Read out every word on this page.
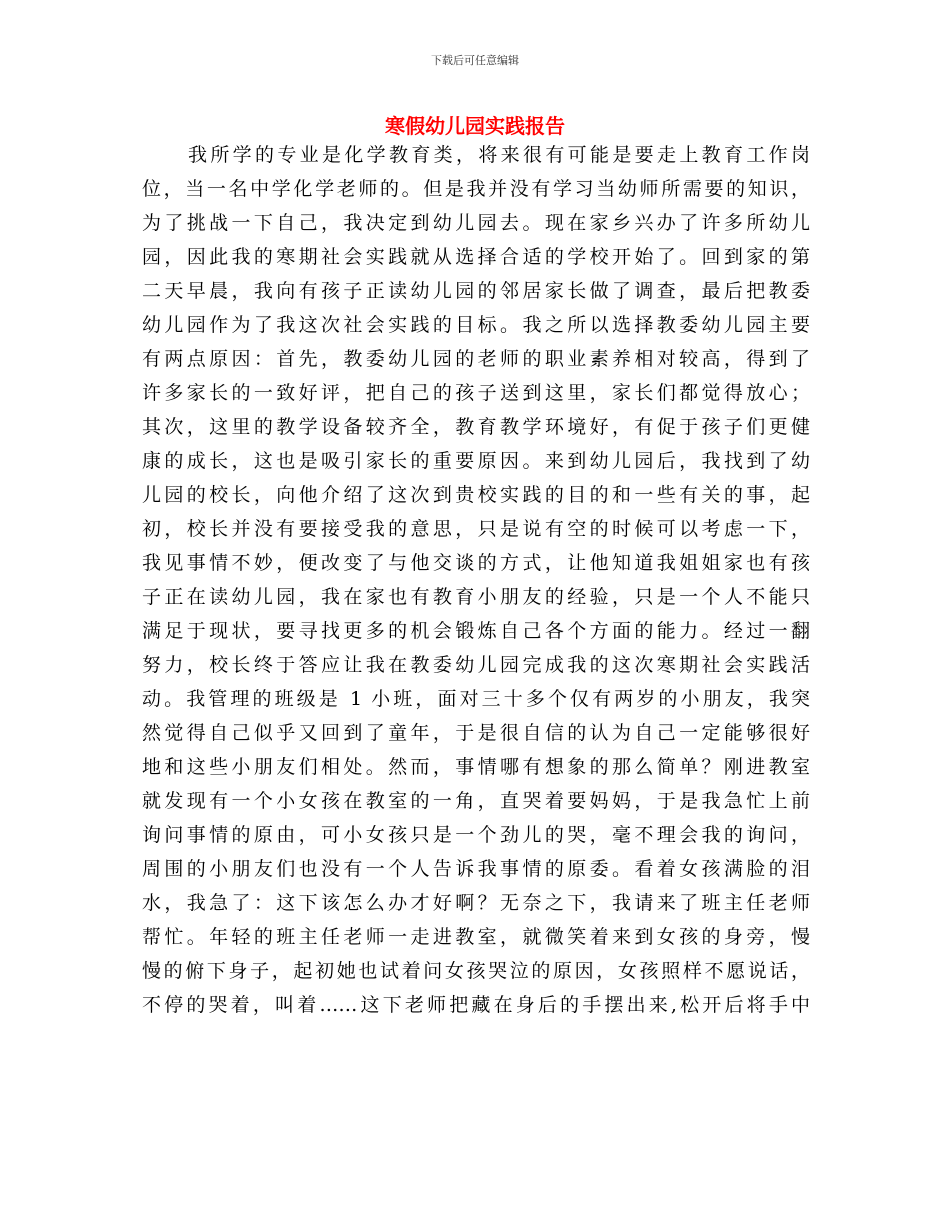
下载后可任意编辑
寒假幼儿园实践报告
我所学的专业是化学教育类，将来很有可能是要走上教育工作岗
位，当一名中学化学老师的。但是我并没有学习当幼师所需要的知识，
为了挑战一下自己，我决定到幼儿园去。现在家乡兴办了许多所幼儿
园，因此我的寒期社会实践就从选择合适的学校开始了。回到家的第
二天早晨，我向有孩子正读幼儿园的邻居家长做了调查，最后把教委
幼儿园作为了我这次社会实践的目标。我之所以选择教委幼儿园主要
有两点原因：首先，教委幼儿园的老师的职业素养相对较高，得到了
许多家长的一致好评，把自己的孩子送到这里，家长们都觉得放心；
其次，这里的教学设备较齐全，教育教学环境好，有促于孩子们更健
康的成长，这也是吸引家长的重要原因。来到幼儿园后，我找到了幼
儿园的校长，向他介绍了这次到贵校实践的目的和一些有关的事，起
初，校长并没有要接受我的意思，只是说有空的时候可以考虑一下，
我见事情不妙，便改变了与他交谈的方式，让他知道我姐姐家也有孩
子正在读幼儿园，我在家也有教育小朋友的经验，只是一个人不能只
满足于现状，要寻找更多的机会锻炼自己各个方面的能力。经过一翻
努力，校长终于答应让我在教委幼儿园完成我的这次寒期社会实践活
动。我管理的班级是 1 小班，面对三十多个仅有两岁的小朋友，我突
然觉得自己似乎又回到了童年，于是很自信的认为自己一定能够很好
地和这些小朋友们相处。然而，事情哪有想象的那么简单？刚进教室
就发现有一个小女孩在教室的一角，直哭着要妈妈，于是我急忙上前
询问事情的原由，可小女孩只是一个劲儿的哭，毫不理会我的询问，
周围的小朋友们也没有一个人告诉我事情的原委。看着女孩满脸的泪
水，我急了：这下该怎么办才好啊？无奈之下，我请来了班主任老师
帮忙。年轻的班主任老师一走进教室，就微笑着来到女孩的身旁，慢
慢的俯下身子，起初她也试着问女孩哭泣的原因，女孩照样不愿说话，
不停的哭着，叫着……这下老师把藏在身后的手摆出来,松开后将手中
